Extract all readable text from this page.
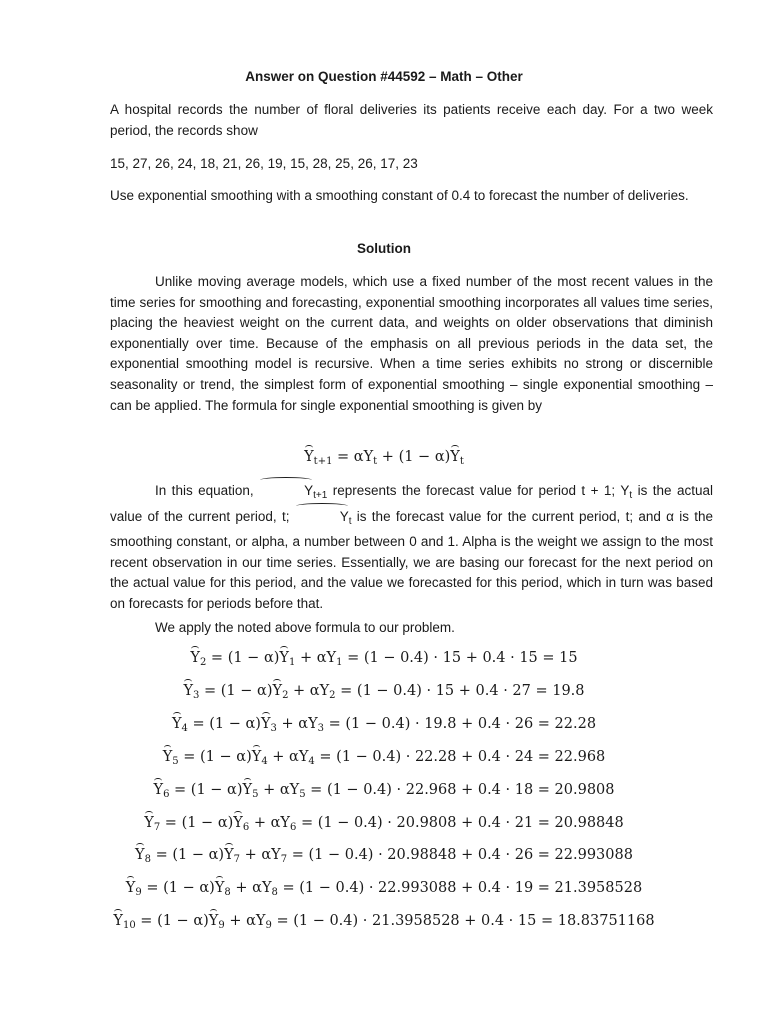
Answer on Question #44592 – Math – Other

A hospital records the number of floral deliveries its patients receive each day. For a two week period, the records show

15, 27, 26, 24, 18, 21, 26, 19, 15, 28, 25, 26, 17, 23

Use exponential smoothing with a smoothing constant of 0.4 to forecast the number of deliveries.

Solution

Unlike moving average models, which use a fixed number of the most recent values in the time series for smoothing and forecasting, exponential smoothing incorporates all values time series, placing the heaviest weight on the current data, and weights on older observations that diminish exponentially over time. Because of the emphasis on all previous periods in the data set, the exponential smoothing model is recursive. When a time series exhibits no strong or discernible seasonality or trend, the simplest form of exponential smoothing – single exponential smoothing – can be applied. The formula for single exponential smoothing is given by

$Y_{t+1} = \alpha Y_t + (1 - \alpha)Y_t$

In this equation,	$Y_{t+1}$ represents the forecast value for period t + 1; $Y_t$ is the actual value of the current period, t;	$Y_t$ is the forecast value for the current period, t; and α is the smoothing constant, or alpha, a number between 0 and 1. Alpha is the weight we assign to the most recent observation in our time series. Essentially, we are basing our forecast for the next period on the actual value for this period, and the value we forecasted for this period, which in turn was based on forecasts for periods before that.

We apply the noted above formula to our problem.

$Y_2 = (1 - \alpha)Y_1 + \alpha Y_1 = (1 - 0.4) \cdot 15 + 0.4 \cdot 15 = 15$
$Y_3 = (1 - \alpha)Y_2 + \alpha Y_2 = (1 - 0.4) \cdot 15 + 0.4 \cdot 27 = 19.8$
$Y_4 = (1 - \alpha)Y_3 + \alpha Y_3 = (1 - 0.4) \cdot 19.8 + 0.4 \cdot 26 = 22.28$
$Y_5 = (1 - \alpha)Y_4 + \alpha Y_4 = (1 - 0.4) \cdot 22.28 + 0.4 \cdot 24 = 22.968$
$Y_6 = (1 - \alpha)Y_5 + \alpha Y_5 = (1 - 0.4) \cdot 22.968 + 0.4 \cdot 18 = 20.9808$
$Y_7 = (1 - \alpha)Y_6 + \alpha Y_6 = (1 - 0.4) \cdot 20.9808 + 0.4 \cdot 21 = 20.98848$
$Y_8 = (1 - \alpha)Y_7 + \alpha Y_7 = (1 - 0.4) \cdot 20.98848 + 0.4 \cdot 26 = 22.993088$
$Y_9 = (1 - \alpha)Y_8 + \alpha Y_8 = (1 - 0.4) \cdot 22.993088 + 0.4 \cdot 19 = 21.3958528$
$Y_{10} = (1 - \alpha)Y_9 + \alpha Y_9 = (1 - 0.4) \cdot 21.3958528 + 0.4 \cdot 15 = 18.83751168$
